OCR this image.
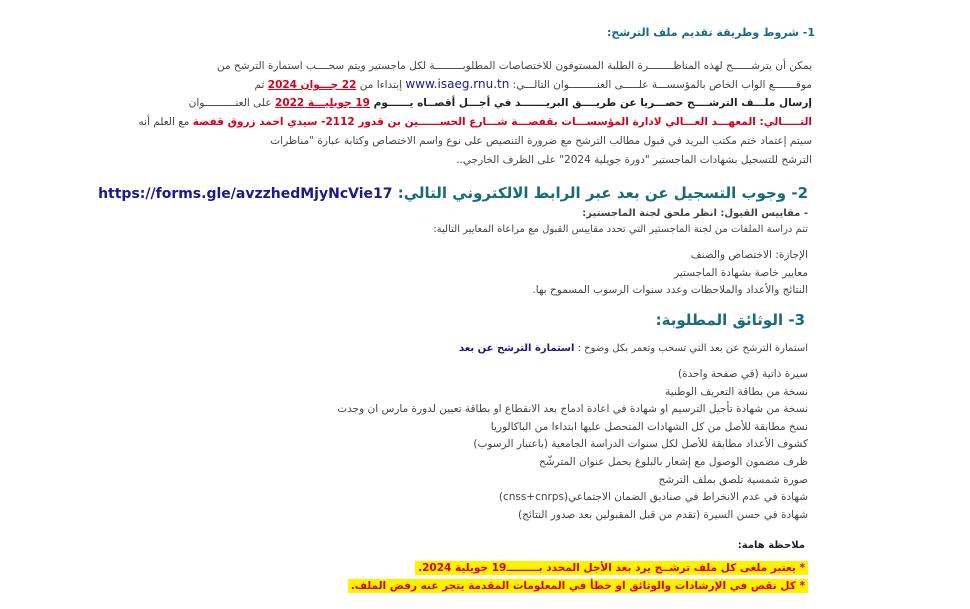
1- شروط وطريقة تقديم ملف الترشح:
يمكن أن يترشــــــح لهذه المناظــــــــرة الطلبة المستوفون للاختصاصات المطلوبـــــــــة لكل ماجستير ويتم سحــــب استمارة الترشح من
موقـــــــع الواب الخاص بالمؤسســـة علـــــى العنـــــــــوان التالـــي: www.isaeg.rnu.tn إبتداءا من 22 جـــوان 2024 ثم
إرسال ملـــف الترشــــح حصـــريا عن طريــــق البريـــــــد في أجـــل أقصــاه يــــــوم 19 جويليـــة 2022 على العنــــــــــوان
التـــــالي: المعهـــد العـــالي لادارة المؤسســـات بقفصـــة شـــارع الحســــــين بن قدور 2112- سيدي احمد زروق قفصة مع العلم أنه
سيتم إعتماد ختم مكتب البريد في قبول مطالب الترشح مع ضرورة التنصيص على نوع واسم الاختصاص وكتابة عبارة "مناظرات
الترشح للتسجيل بشهادات الماجستير "دورة جويلية 2024" على الظرف الخارجي..
2- وجوب التسجيل عن بعد عبر الرابط الالكتروني التالي: https://forms.gle/avzzhedMjyNcVie17
- مقاييس القبول: انظر ملحق لجنة الماجستير:
تتم دراسة الملفات من لجنة الماجستير التي تحدد مقاييس القبول مع مراعاة المعايير التالية:
الإجازة: الاختصاص والصنف
معايير خاصة بشهادة الماجستير
النتائج والأعداد والملاحظات وعدد سنوات الرسوب المسموح بها.
3- الوثائق المطلوبة:
استمارة الترشح عن بعد التي تسحب وتعمر بكل وضوح : استمارة الترشح عن بعد
سيرة ذاتية (في صفحة واحدة)
نسخة من بطاقة التعريف الوطنية
نسخة من شهادة تأجيل الترسيم او شهادة في اعادة ادماج بعد الانقطاع او بطاقة تعيين لدورة مارس ان وجدت
نسخ مطابقة للأصل من كل الشهادات المتحصل عليها ابتداءا من الباكالوريا
كشوف الأعداد مطابقة للأصل لكل سنوات الدراسة الجامعية (باعتبار الرسوب)
ظرف مضمون الوصول مع إشعار بالبلوغ يحمل عنوان المترشّح
صورة شمسية تلصق بملف الترشح
شهادة في عدم الانخراط في صناديق الضمان الاجتماعي(cnss+cnrps)
شهادة في حسن السيرة (تقدم من قبل المقبولين بعد صدور النتائج)
ملاحظة هامة:
* يعتبر ملغى كل ملف ترشــح يرد بعد الأجل المحدد بـــــــــ19 جويلية 2024.
* كل نقص في الإرشادات والوثائق او خطأ في المعلومات المقدمة يتجر عنه رفض الملف.
